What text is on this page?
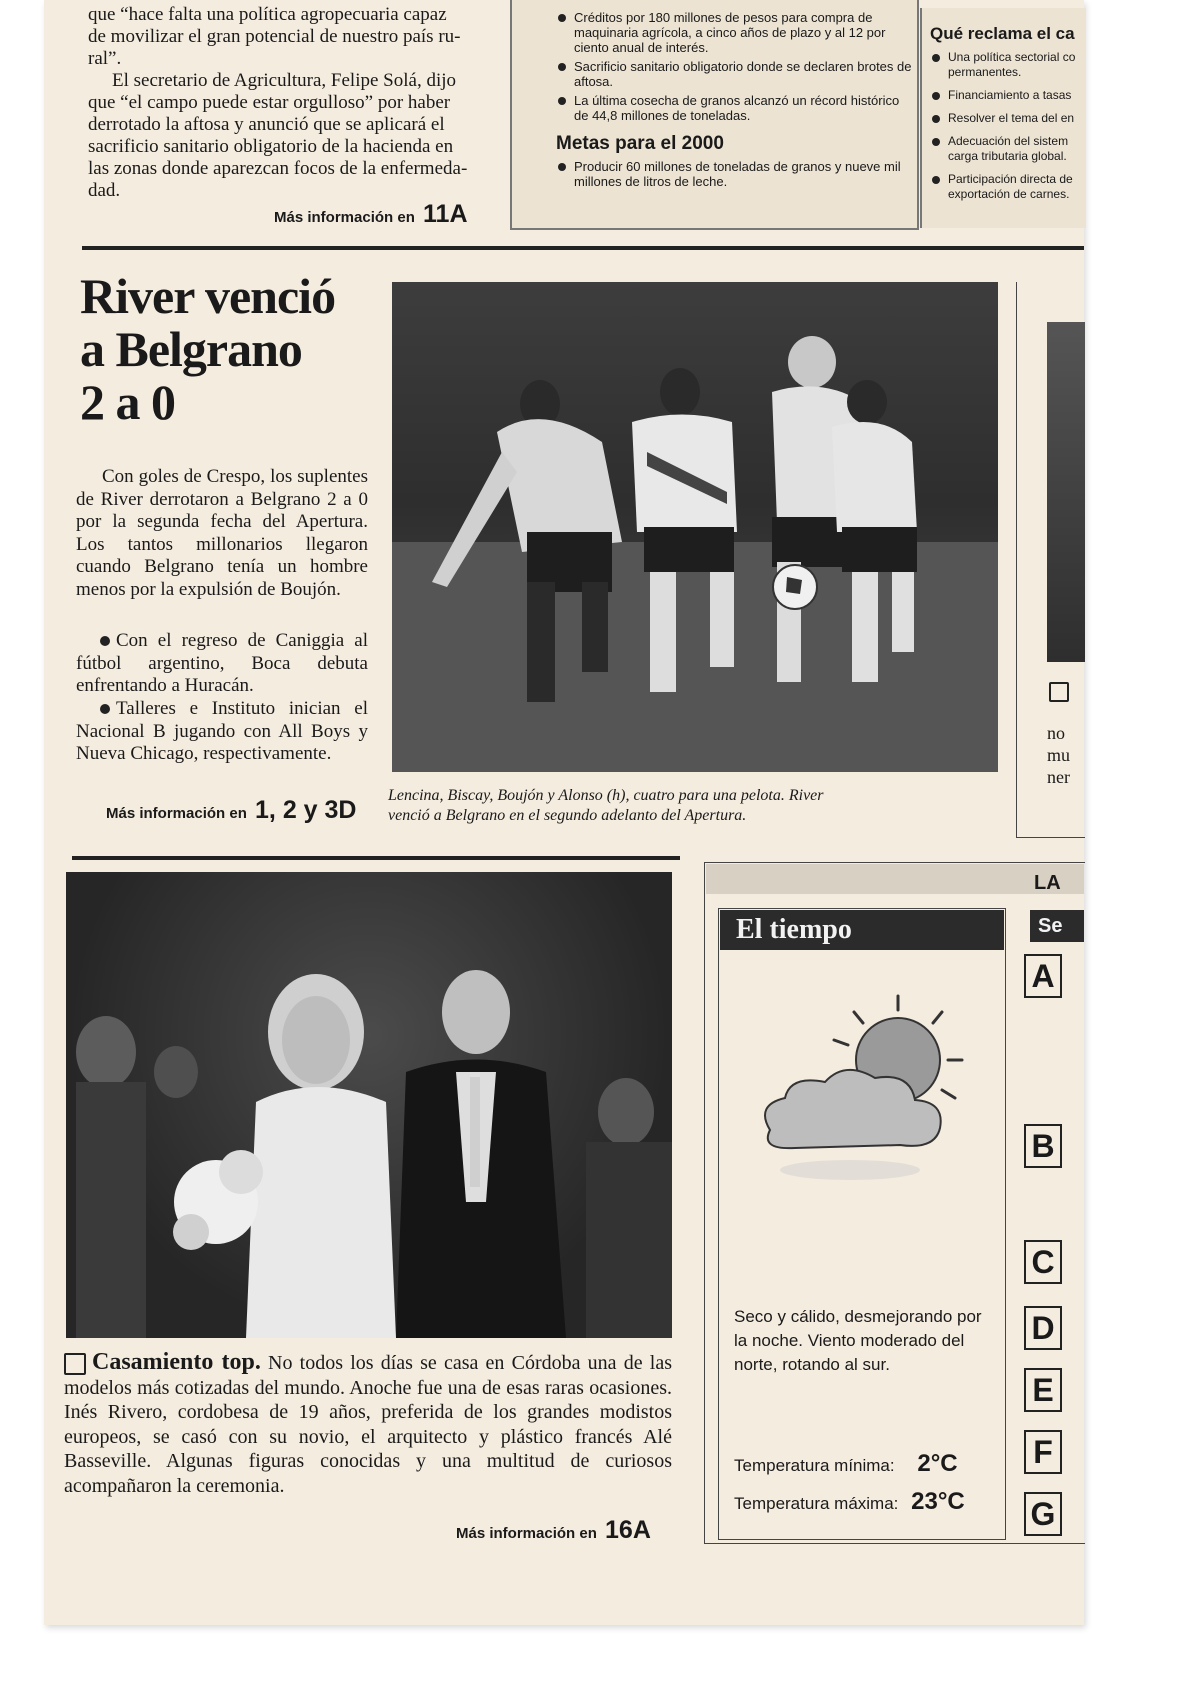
que “hace falta una política agropecuaria capaz
de movilizar el gran potencial de nuestro país ru-
ral”.
El secretario de Agricultura, Felipe Solá, dijo
que “el campo puede estar orgulloso” por haber
derrotado la aftosa y anunció que se aplicará el
sacrificio sanitario obligatorio de la hacienda en
las zonas donde aparezcan focos de la enfermeda-
dad.
Más información en 11A
Créditos por 180 millones de pesos para compra de maquinaria agrícola, a cinco años de plazo y al 12 por ciento anual de interés.
Sacrificio sanitario obligatorio donde se declaren brotes de aftosa.
La última cosecha de granos alcanzó un récord histórico de 44,8 millones de toneladas.
Metas para el 2000
Producir 60 millones de toneladas de granos y nueve mil millones de litros de leche.
Qué reclama el ca
Una política sectorial co permanentes.
Financiamiento a tasas
Resolver el tema del en
Adecuación del sistem carga tributaria global.
Participación directa de exportación de carnes.
River venció
a Belgrano
2 a 0
Con goles de Crespo, los suplentes de River derrotaron a Belgrano 2 a 0 por la segunda fecha del Apertura. Los tantos millonarios llegaron cuando Belgrano tenía un hombre menos por la expulsión de Boujón.
Con el regreso de Caniggia al fútbol argentino, Boca debuta enfrentando a Huracán.
Talleres e Instituto inician el Nacional B jugando con All Boys y Nueva Chicago, respectivamente.
Más información en 1, 2 y 3D
Lencina, Biscay, Boujón y Alonso (h), cuatro para una pelota. River
venció a Belgrano en el segundo adelanto del Apertura.
no
mu
ner
Casamiento top. No todos los días se casa en Córdoba una de las modelos más cotizadas del mundo. Anoche fue una de esas raras ocasiones. Inés Rivero, cordobesa de 19 años, preferida de los grandes modistos europeos, se casó con su novio, el arquitecto y plástico francés Alé Basseville. Algunas figuras conocidas y una multitud de curiosos acompañaron la ceremonia.
Más información en 16A
El tiempo
Seco y cálido, desmejorando por la noche. Viento moderado del norte, rotando al sur.
Temperatura mínima: 2°C
Temperatura máxima: 23°C
LA
Se
A
B
C
D
E
F
G
